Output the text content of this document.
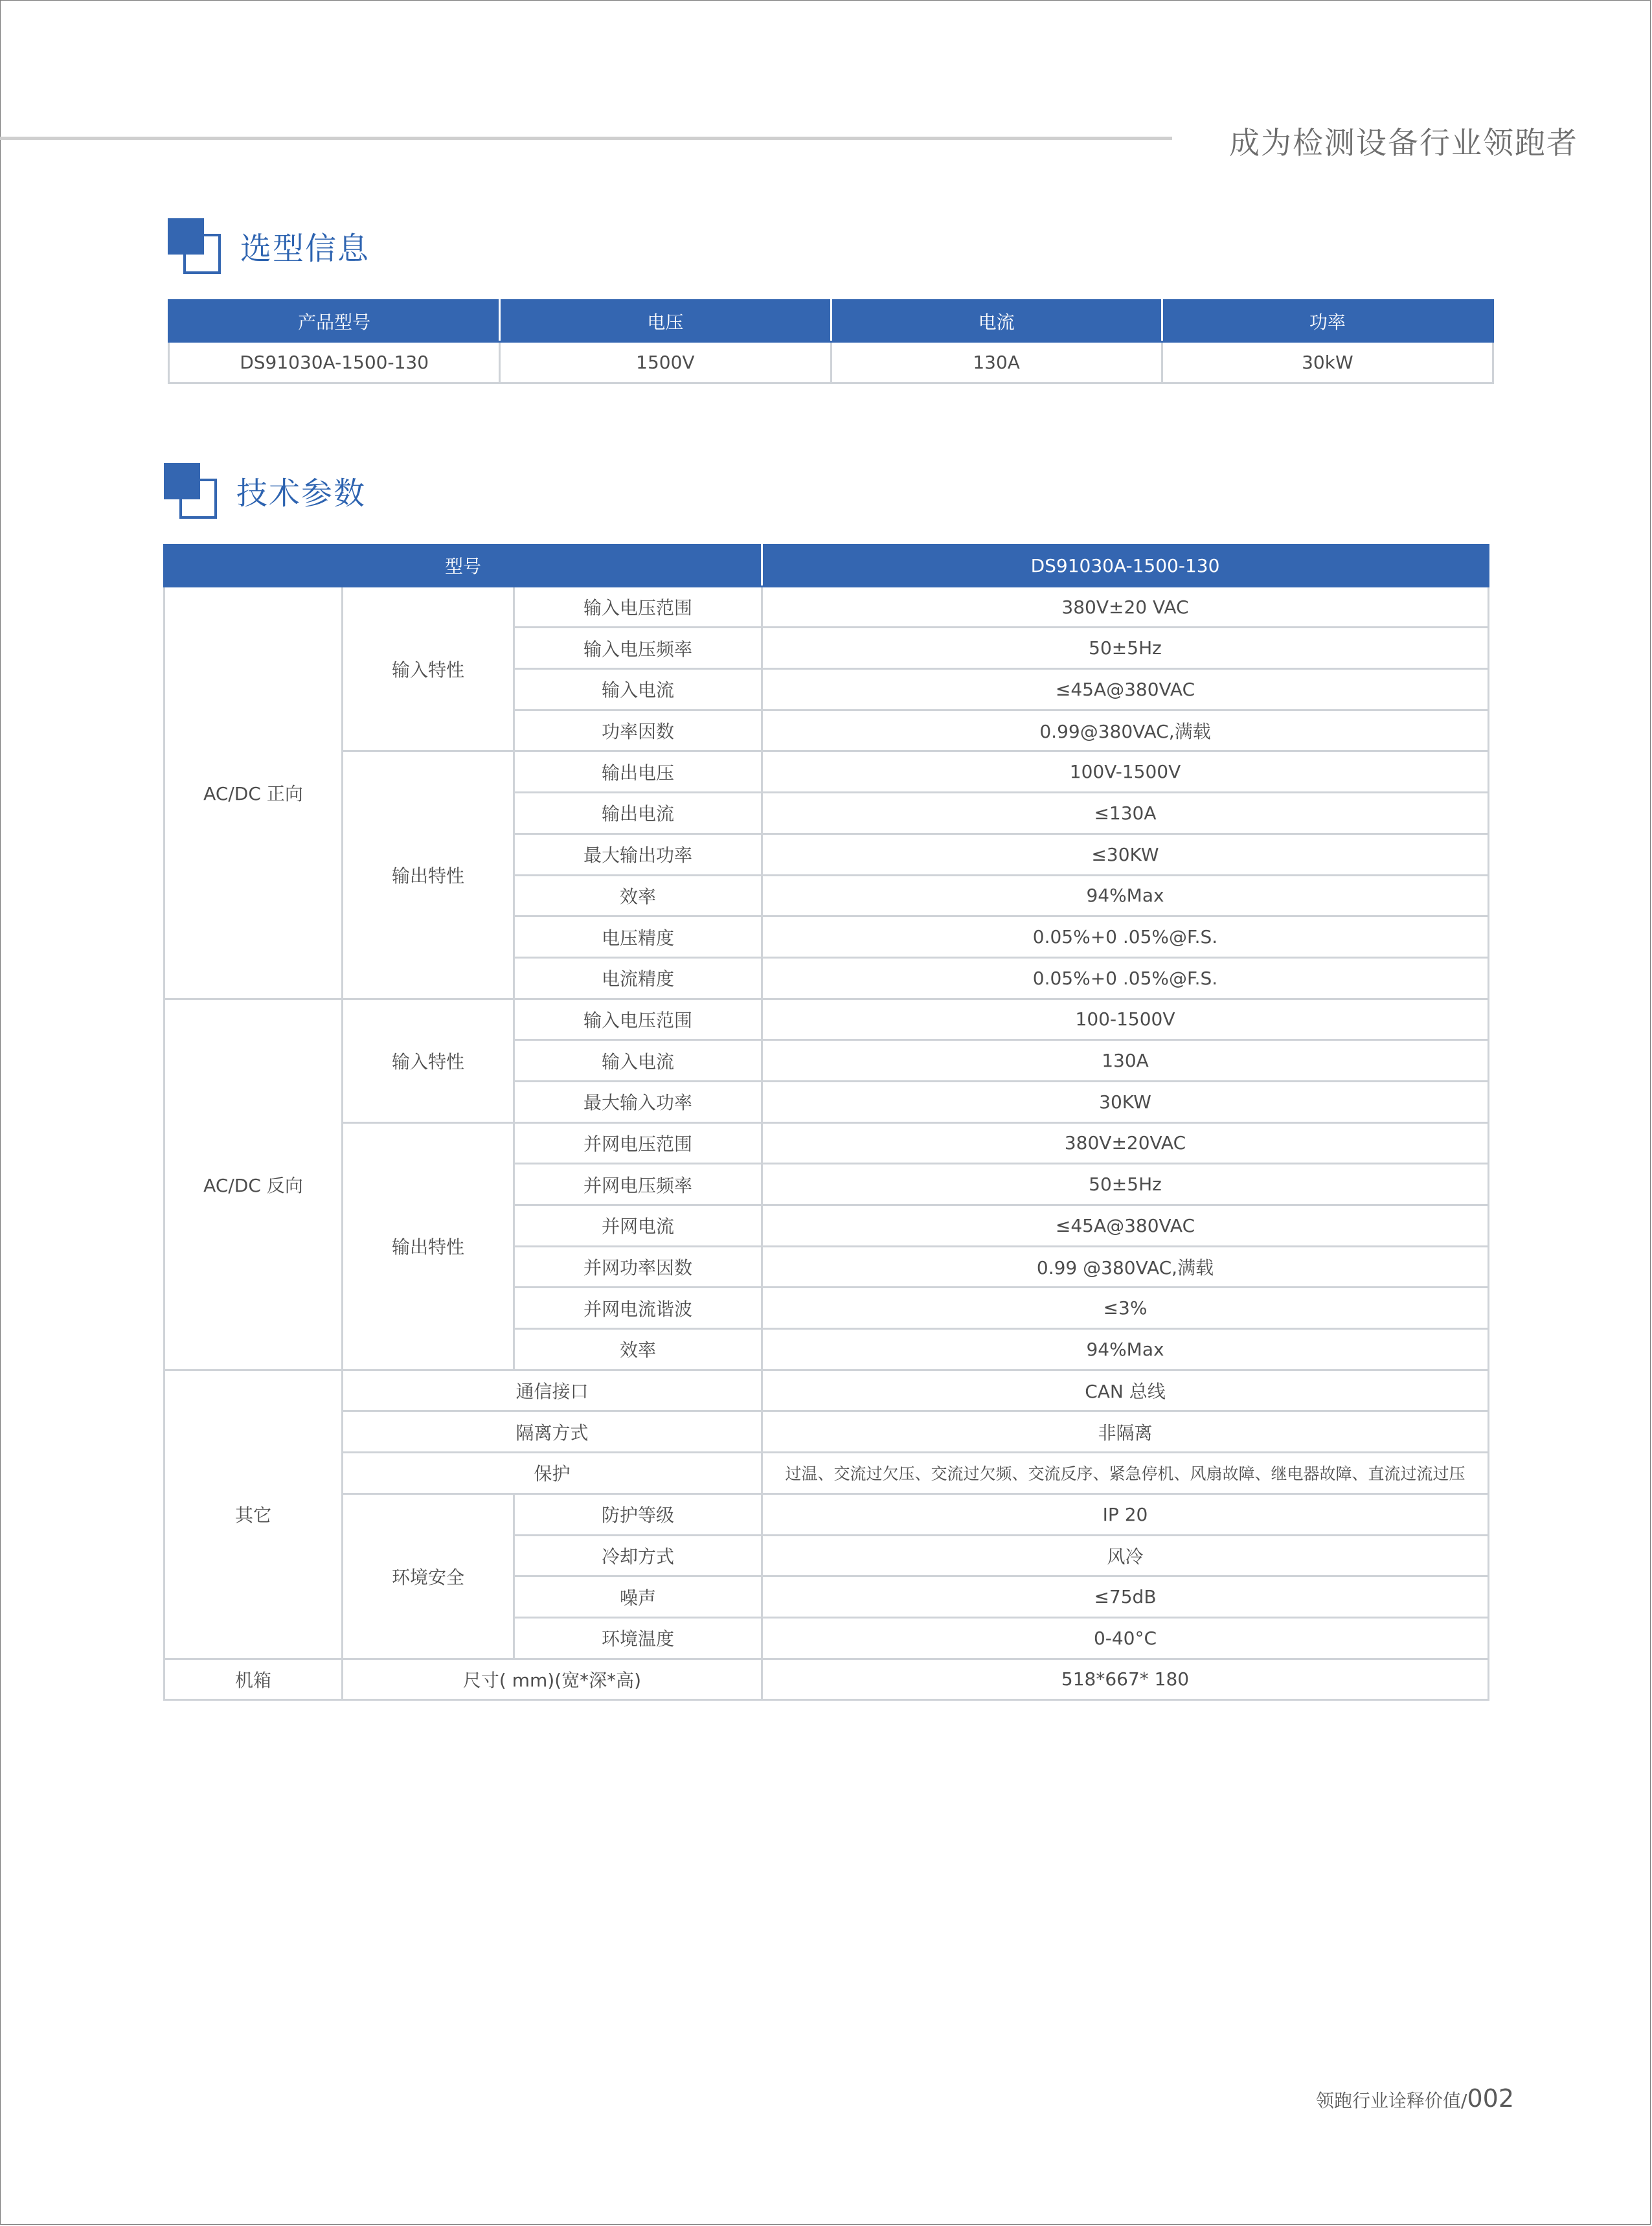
成为检测设备行业领跑者
选型信息
产品型号	电压	电流	功率
DS91030A-1500-130	1500V	130A	30kW
技术参数
型号			DS91030A-1500-130
AC/DC 正向	输入特性	输入电压范围	380V±20 VAC
		输入电压频率	50±5Hz
		输入电流	≤45A@380VAC
		功率因数	0.99@380VAC,满载
	输出特性	输出电压	100V-1500V
		输出电流	≤130A
		最大输出功率	≤30KW
		效率	94%Max
		电压精度	0.05%+0 .05%@F.S.
		电流精度	0.05%+0 .05%@F.S.
AC/DC 反向	输入特性	输入电压范围	100-1500V
		输入电流	130A
		最大输入功率	30KW
	输出特性	并网电压范围	380V±20VAC
		并网电压频率	50±5Hz
		并网电流	≤45A@380VAC
		并网功率因数	0.99 @380VAC,满载
		并网电流谐波	≤3%
		效率	94%Max
其它	通信接口		CAN 总线
	隔离方式		非隔离
	保护		过温、交流过欠压、交流过欠频、交流反序、紧急停机、风扇故障、继电器故障、直流过流过压
	环境安全	防护等级	IP 20
		冷却方式	风冷
		噪声	≤75dB
		环境温度	0-40°C
机箱	尺寸( mm)(宽*深*高)		518*667* 180
领跑行业诠释价值/002
